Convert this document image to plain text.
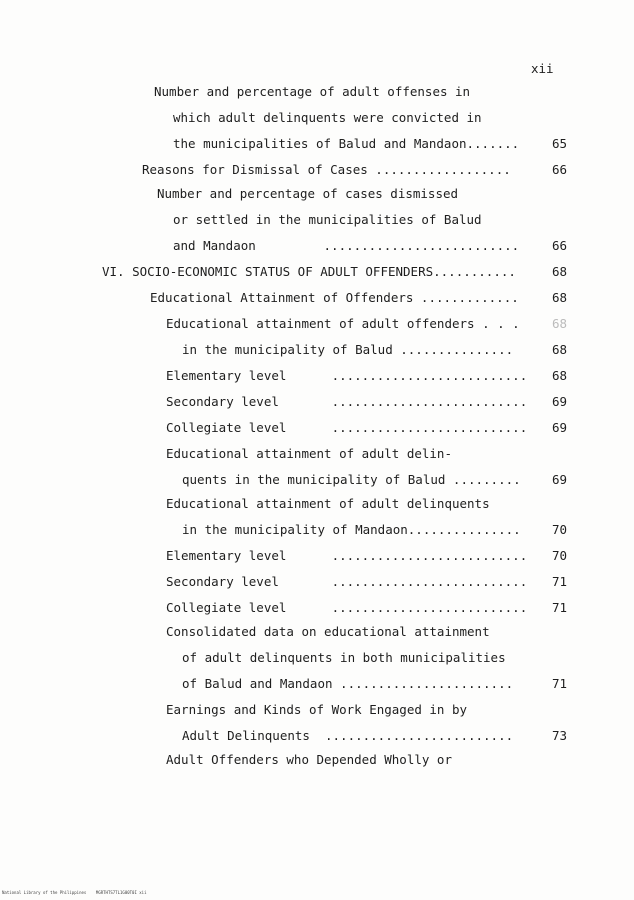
xii
Number and percentage of adult offenses in
which adult delinquents were convicted in
the municipalities of Balud and Mandaon.......	65
Reasons for Dismissal of Cases ..................	66
Number and percentage of cases dismissed
or settled in the municipalities of Balud
and Mandaon         ..........................	66
VI. SOCIO-ECONOMIC STATUS OF ADULT OFFENDERS...........	68
Educational Attainment of Offenders .............	68
Educational attainment of adult offenders . . .	68
in the municipality of Balud ...............	68
Elementary level      ..........................	68
Secondary level       ..........................	69
Collegiate level      ..........................	69
Educational attainment of adult delin-
quents in the municipality of Balud .........	69
Educational attainment of adult delinquents
in the municipality of Mandaon...............	70
Elementary level      ..........................	70
Secondary level       ..........................	71
Collegiate level      ..........................	71
Consolidated data on educational attainment
of adult delinquents in both municipalities
of Balud and Mandaon .......................	71
Earnings and Kinds of Work Engaged in by
Adult Delinquents  .........................	73
Adult Offenders who Depended Wholly or
National Library of the Philippines    MGRTHTS7TL1G00T0I xii
